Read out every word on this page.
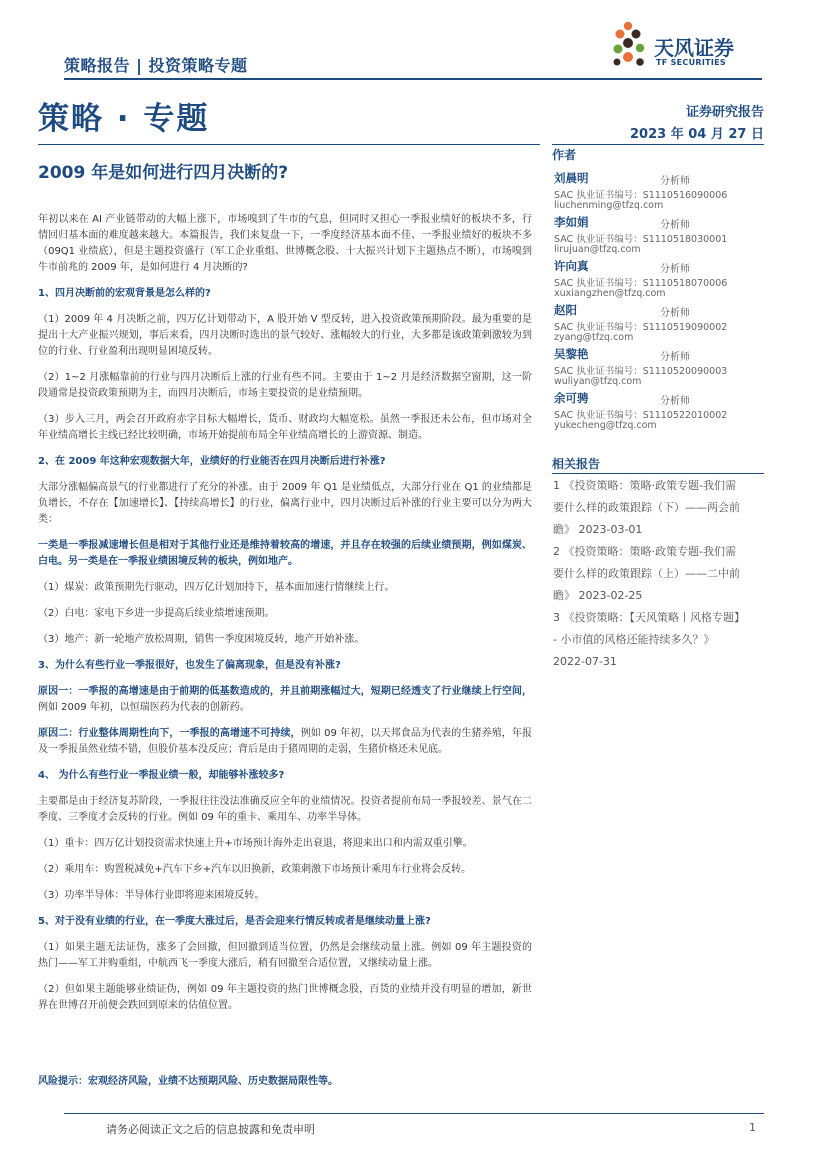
策略报告 | 投资策略专题
天风证券
TF SECURITIES
策略 · 专题	证券研究报告
2023 年 04 月 27 日
2009 年是如何进行四月决断的?

年初以来在 AI 产业链带动的大幅上涨下，市场嗅到了牛市的气息，但同时又担心一季报业绩好的板块不多，行情回归基本面的难度越来越大。本篇报告，我们来复盘一下，一季度经济基本面不佳、一季报业绩好的板块不多（09Q1 业绩底），但是主题投资盛行（军工企业重组、世博概念股、十大振兴计划下主题热点不断），市场嗅到牛市前兆的 2009 年，是如何进行 4 月决断的?

1、四月决断前的宏观背景是怎么样的?

（1）2009 年 4 月决断之前，四万亿计划带动下，A 股开始 V 型反转，进入投资政策预期阶段。最为重要的是提出十大产业振兴规划，事后来看，四月决断时选出的景气较好、涨幅较大的行业，大多都是该政策刺激较为到位的行业、行业盈利出现明显困境反转。

（2）1~2 月涨幅靠前的行业与四月决断后上涨的行业有些不同。主要由于 1~2 月是经济数据空窗期，这一阶段通常是投资政策预期为主，而四月决断后，市场主要投资的是业绩预期。

（3）步入三月，两会召开政府赤字目标大幅增长，货币、财政均大幅宽松。虽然一季报还未公布，但市场对全年业绩高增长主线已经比较明确，市场开始提前布局全年业绩高增长的上游资源、制造。

2、在 2009 年这种宏观数据大年，业绩好的行业能否在四月决断后进行补涨?

大部分涨幅偏高景气的行业都进行了充分的补涨。由于 2009 年 Q1 是业绩低点，大部分行业在 Q1 的业绩都是负增长，不存在【加速增长】、【持续高增长】的行业，偏离行业中，四月决断过后补涨的行业主要可以分为两大类：

一类是一季报减速增长但是相对于其他行业还是维持着较高的增速，并且存在较强的后续业绩预期，例如煤炭、白电。另一类是在一季报业绩困境反转的板块，例如地产。

（1）煤炭：政策预期先行驱动，四万亿计划加持下，基本面加速行情继续上行。

（2）白电：家电下乡进一步提高后续业绩增速预期。

（3）地产：新一轮地产放松周期，销售一季度困境反转，地产开始补涨。

3、为什么有些行业一季报很好，也发生了偏离现象，但是没有补涨?

原因一：一季报的高增速是由于前期的低基数造成的，并且前期涨幅过大，短期已经透支了行业继续上行空间，例如 2009 年初，以恒瑞医药为代表的创新药。

原因二：行业整体周期性向下，一季报的高增速不可持续，例如 09 年初，以天邦食品为代表的生猪养殖，年报及一季报虽然业绩不错，但股价基本没反应；背后是由于猪周期的走弱，生猪价格还未见底。

4、 为什么有些行业一季报业绩一般，却能够补涨较多?

主要都是由于经济复苏阶段，一季报往往没法准确反应全年的业绩情况。投资者提前布局一季报较差、景气在二季度、三季度才会反转的行业。例如 09 年的重卡、乘用车、功率半导体。

（1）重卡：四万亿计划投资需求快速上升+市场预计海外走出衰退，将迎来出口和内需双重引擎。

（2）乘用车：购置税减免+汽车下乡+汽车以旧换新，政策刺激下市场预计乘用车行业将会反转。

（3）功率半导体：半导体行业即将迎来困境反转。

5、对于没有业绩的行业，在一季度大涨过后，是否会迎来行情反转或者是继续动量上涨?

（1）如果主题无法证伪，涨多了会回撤，但回撤到适当位置，仍然是会继续动量上涨。例如 09 年主题投资的热门——军工并购重组，中航西飞一季度大涨后，稍有回撤至合适位置，又继续动量上涨。

（2）但如果主题能够业绩证伪，例如 09 年主题投资的热门世博概念股，百货的业绩并没有明显的增加，新世界在世博召开前便会跌回到原来的估值位置。

风险提示：宏观经济风险，业绩不达预期风险、历史数据局限性等。
作者
刘晨明	分析师
SAC 执业证书编号：S1110516090006
liuchenming@tfzq.com
李如娟	分析师
SAC 执业证书编号：S1110518030001
lirujuan@tfzq.com
许向真	分析师
SAC 执业证书编号：S1110518070006
xuxiangzhen@tfzq.com
赵阳	分析师
SAC 执业证书编号：S1110519090002
zyang@tfzq.com
吴黎艳	分析师
SAC 执业证书编号：S1110520090003
wuliyan@tfzq.com
余可骋	分析师
SAC 执业证书编号：S1110522010002
yukecheng@tfzq.com
相关报告
1 《投资策略：策略·政策专题-我们需
要什么样的政策跟踪（下）——两会前
瞻》 2023-03-01
2 《投资策略：策略·政策专题-我们需
要什么样的政策跟踪（上）——二中前
瞻》 2023-02-25
3 《投资策略：【天风策略丨风格专题】
- 小市值的风格还能持续多久？》
2022-07-31
请务必阅读正文之后的信息披露和免责申明	1
